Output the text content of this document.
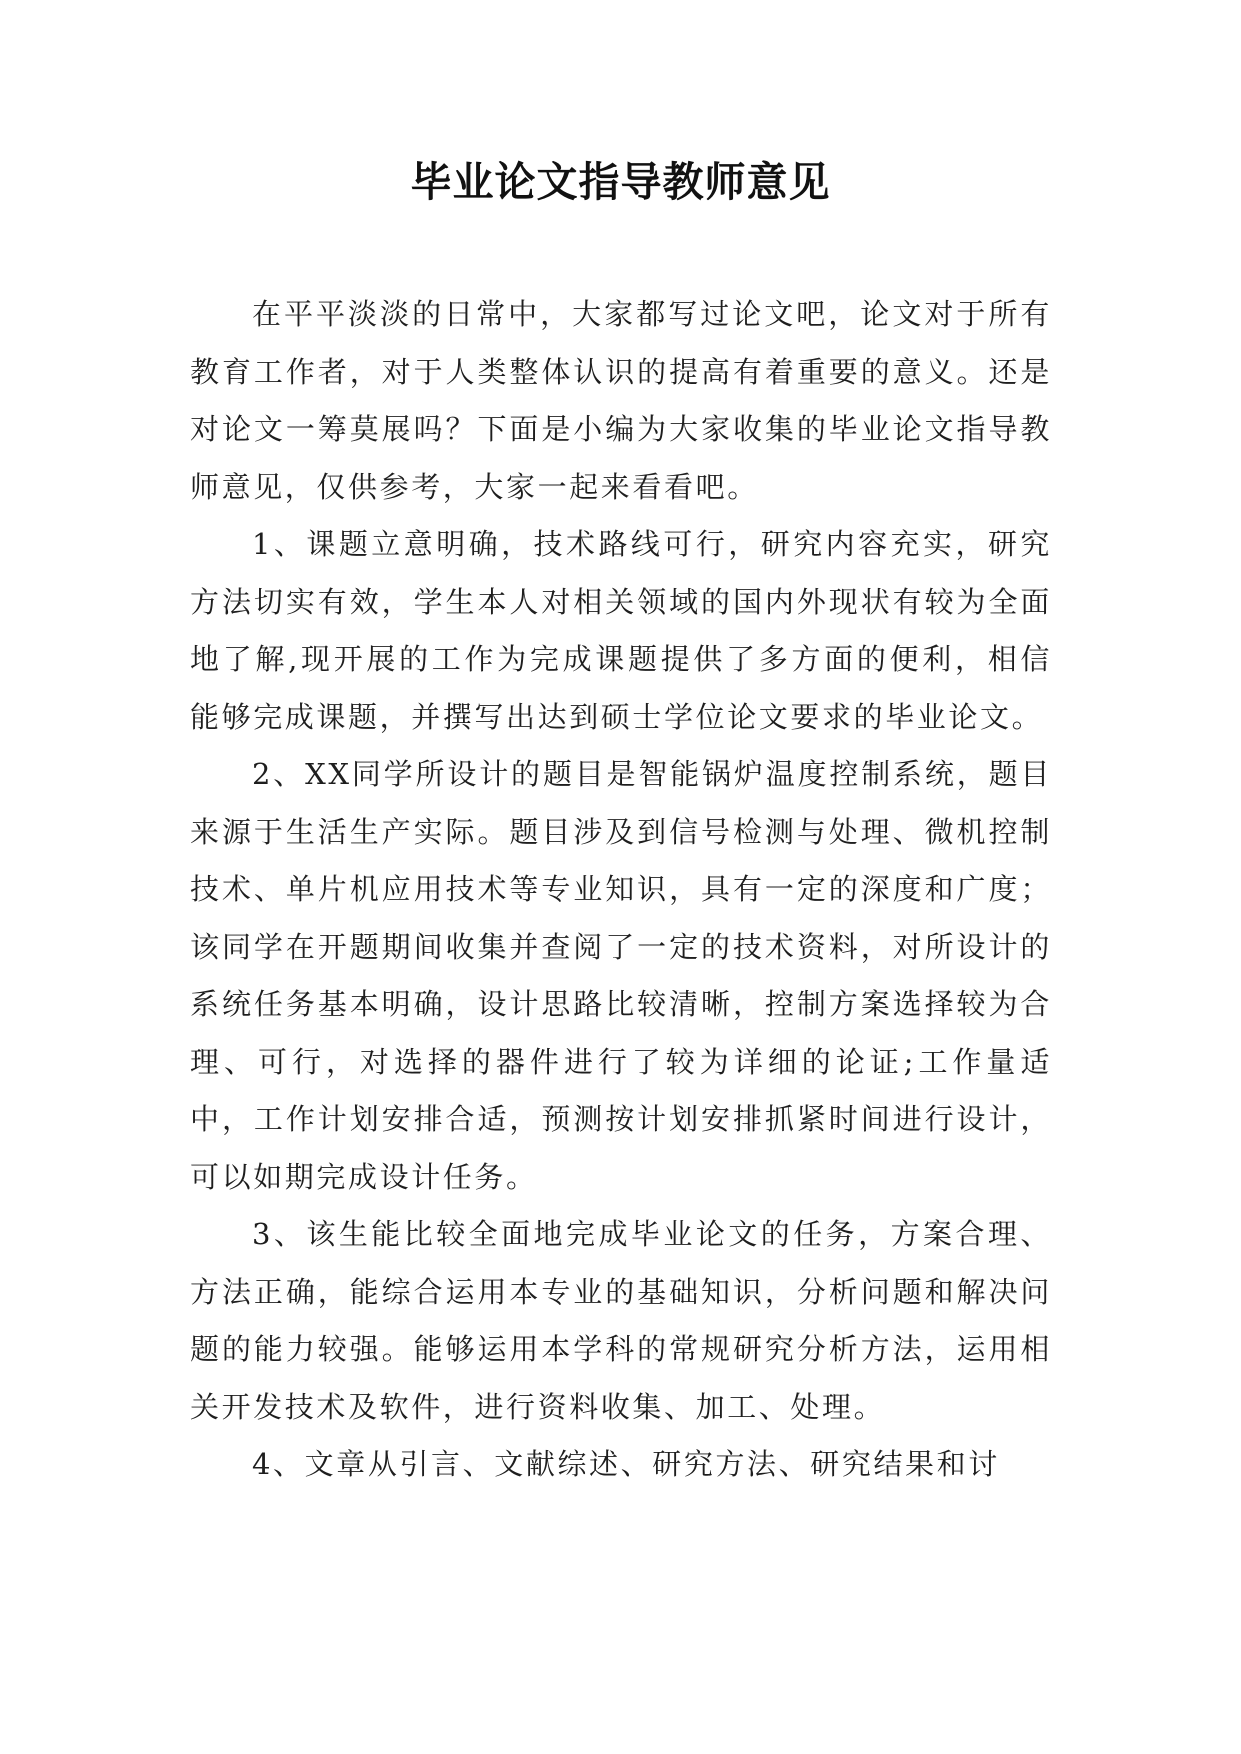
毕业论文指导教师意见

在平平淡淡的日常中，大家都写过论文吧，论文对于所有教育工作者，对于人类整体认识的提高有着重要的意义。还是对论文一筹莫展吗？下面是小编为大家收集的毕业论文指导教师意见，仅供参考，大家一起来看看吧。

1、课题立意明确，技术路线可行，研究内容充实，研究方法切实有效，学生本人对相关领域的国内外现状有较为全面地了解,现开展的工作为完成课题提供了多方面的便利，相信能够完成课题，并撰写出达到硕士学位论文要求的毕业论文。

2、XX同学所设计的题目是智能锅炉温度控制系统，题目来源于生活生产实际。题目涉及到信号检测与处理、微机控制技术、单片机应用技术等专业知识，具有一定的深度和广度；该同学在开题期间收集并查阅了一定的技术资料，对所设计的系统任务基本明确，设计思路比较清晰，控制方案选择较为合理、可行，对选择的器件进行了较为详细的论证;工作量适中，工作计划安排合适，预测按计划安排抓紧时间进行设计，可以如期完成设计任务。

3、该生能比较全面地完成毕业论文的任务，方案合理、方法正确，能综合运用本专业的基础知识，分析问题和解决问题的能力较强。能够运用本学科的常规研究分析方法，运用相关开发技术及软件，进行资料收集、加工、处理。

4、文章从引言、文献综述、研究方法、研究结果和讨
